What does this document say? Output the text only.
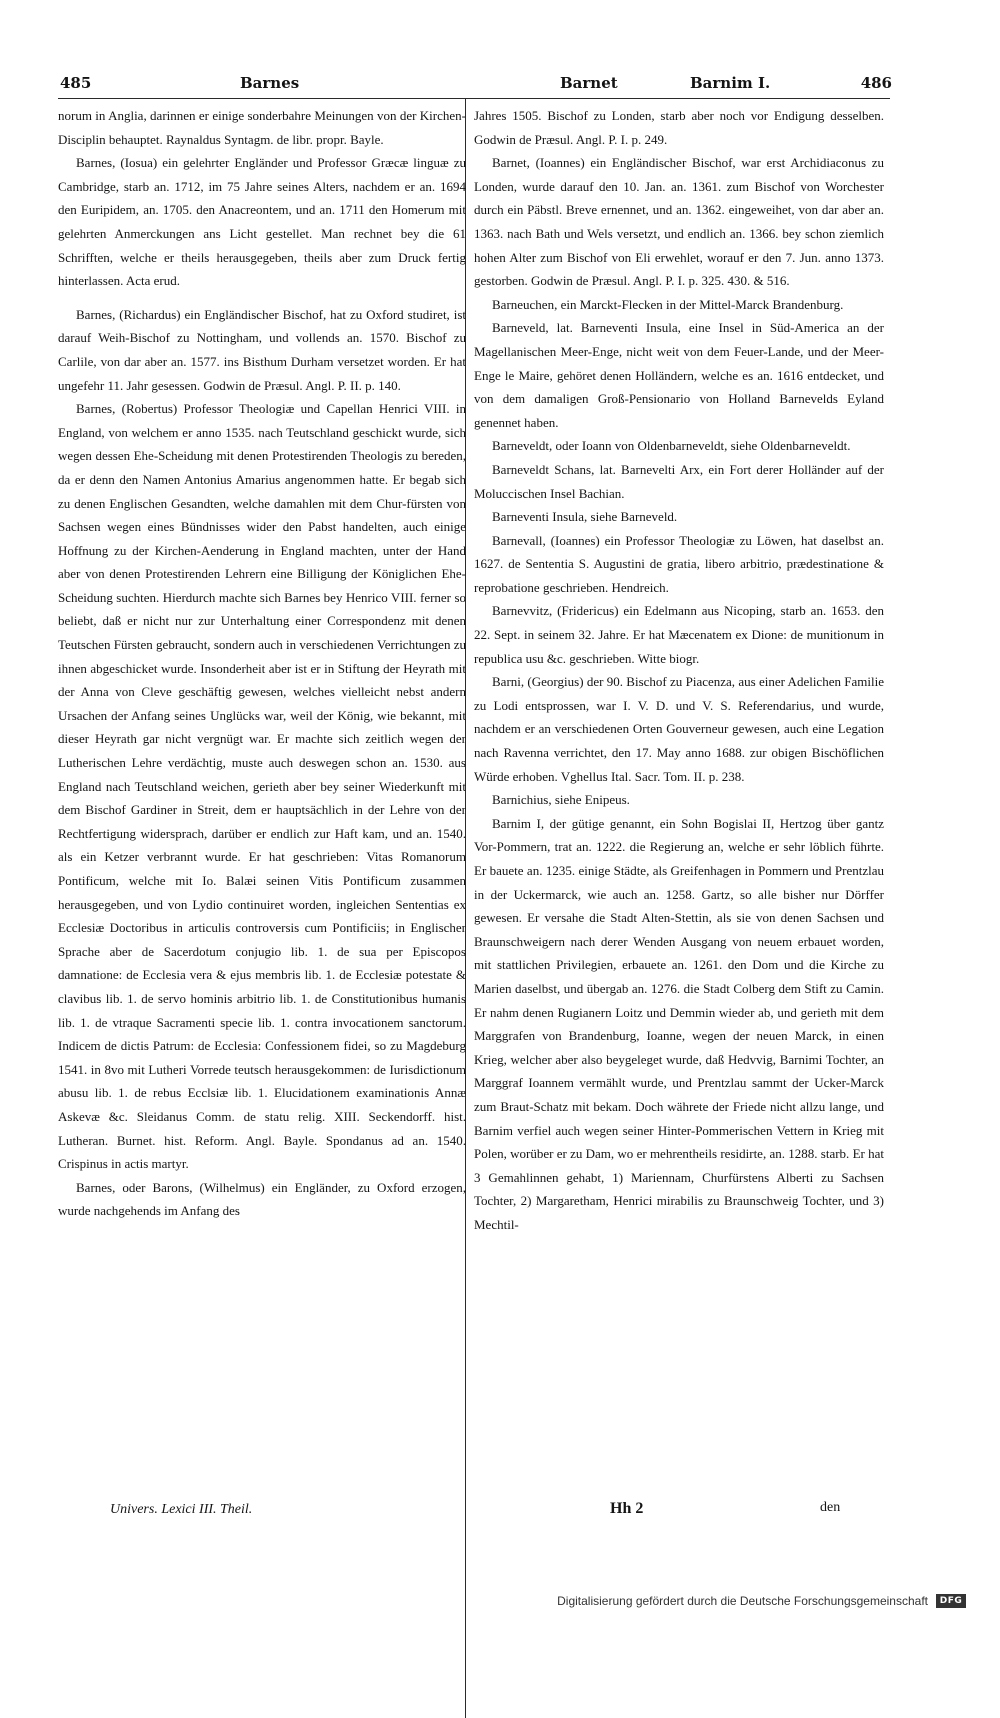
485	Barnes	Barnet	Barnim I.	486

norum in Anglia, darinnen er einige sonderbahre Meinungen von der Kirchen-Disciplin behauptet. Raynaldus Syntagm. de libr. propr. Bayle.

Barnes, (Iosua) ein gelehrter Engländer und Professor Græcæ linguæ zu Cambridge, starb an. 1712, im 75 Jahre seines Alters, nachdem er an. 1694 den Euripidem, an. 1705. den Anacreontem, und an. 1711 den Homerum mit gelehrten Anmerckungen ans Licht gestellet. Man rechnet bey die 61 Schrifften, welche er theils herausgegeben, theils aber zum Druck fertig hinterlassen. Acta erud.

Barnes, (Richardus) ein Engländischer Bischof, hat zu Oxford studiret, ist darauf Weih-Bischof zu Nottingham, und vollends an. 1570. Bischof zu Carlile, von dar aber an. 1577. ins Bisthum Durham versetzet worden. Er hat ungefehr 11. Jahr gesessen. Godwin de Præsul. Angl. P. II. p. 140.

Barnes, (Robertus) Professor Theologiæ und Capellan Henrici VIII. in England, von welchem er anno 1535. nach Teutschland geschickt wurde, sich wegen dessen Ehe-Scheidung mit denen Protestirenden Theologis zu bereden, da er denn den Namen Antonius Amarius angenommen hatte. Er begab sich zu denen Englischen Gesandten, welche damahlen mit dem Chur-fürsten von Sachsen wegen eines Bündnisses wider den Pabst handelten, auch einige Hoffnung zu der Kirchen-Aenderung in England machten, unter der Hand aber von denen Protestirenden Lehrern eine Billigung der Königlichen Ehe-Scheidung suchten. Hierdurch machte sich Barnes bey Henrico VIII. ferner so beliebt, daß er nicht nur zur Unterhaltung einer Correspondenz mit denen Teutschen Fürsten gebraucht, sondern auch in verschiedenen Verrichtungen zu ihnen abgeschicket wurde. Insonderheit aber ist er in Stiftung der Heyrath mit der Anna von Cleve geschäftig gewesen, welches vielleicht nebst andern Ursachen der Anfang seines Unglücks war, weil der König, wie bekannt, mit dieser Heyrath gar nicht vergnügt war. Er machte sich zeitlich wegen der Lutherischen Lehre verdächtig, muste auch deswegen schon an. 1530. aus England nach Teutschland weichen, gerieth aber bey seiner Wiederkunft mit dem Bischof Gardiner in Streit, dem er hauptsächlich in der Lehre von der Rechtfertigung widersprach, darüber er endlich zur Haft kam, und an. 1540. als ein Ketzer verbrannt wurde. Er hat geschrieben: Vitas Romanorum Pontificum, welche mit Io. Balæi seinen Vitis Pontificum zusammen herausgegeben, und von Lydio continuiret worden, ingleichen Sententias ex Ecclesiæ Doctoribus in articulis controversis cum Pontificiis; in Englischer Sprache aber de Sacerdotum conjugio lib. 1. de sua per Episcopos damnatione: de Ecclesia vera & ejus membris lib. 1. de Ecclesiæ potestate & clavibus lib. 1. de servo hominis arbitrio lib. 1. de Constitutionibus humanis lib. 1. de vtraque Sacramenti specie lib. 1. contra invocationem sanctorum. Indicem de dictis Patrum: de Ecclesia: Confessionem fidei, so zu Magdeburg 1541. in 8vo mit Lutheri Vorrede teutsch herausgekommen: de Iurisdictionum abusu lib. 1. de rebus Ecclsiæ lib. 1. Elucidationem examinationis Annæ Askevæ &c. Sleidanus Comm. de statu relig. XIII. Seckendorff. hist. Lutheran. Burnet. hist. Reform. Angl. Bayle. Spondanus ad an. 1540. Crispinus in actis martyr.

Barnes, oder Barons, (Wilhelmus) ein Engländer, zu Oxford erzogen, wurde nachgehends im Anfang des

Jahres 1505. Bischof zu Londen, starb aber noch vor Endigung desselben. Godwin de Præsul. Angl. P. I. p. 249.

Barnet, (Ioannes) ein Engländischer Bischof, war erst Archidiaconus zu Londen, wurde darauf den 10. Jan. an. 1361. zum Bischof von Worchester durch ein Päbstl. Breve ernennet, und an. 1362. eingeweihet, von dar aber an. 1363. nach Bath und Wels versetzt, und endlich an. 1366. bey schon ziemlich hohen Alter zum Bischof von Eli erwehlet, worauf er den 7. Jun. anno 1373. gestorben. Godwin de Præsul. Angl. P. I. p. 325. 430. & 516.

Barneuchen, ein Marckt-Flecken in der Mittel-Marck Brandenburg.

Barneveld, lat. Barneventi Insula, eine Insel in Süd-America an der Magellanischen Meer-Enge, nicht weit von dem Feuer-Lande, und der Meer-Enge le Maire, gehöret denen Holländern, welche es an. 1616 entdecket, und von dem damaligen Groß-Pensionario von Holland Barnevelds Eyland genennet haben.

Barneveldt, oder Ioann von Oldenbarneveldt, siehe Oldenbarneveldt.

Barneveldt Schans, lat. Barnevelti Arx, ein Fort derer Holländer auf der Moluccischen Insel Bachian.

Barneventi Insula, siehe Barneveld.

Barnevall, (Ioannes) ein Professor Theologiæ zu Löwen, hat daselbst an. 1627. de Sententia S. Augustini de gratia, libero arbitrio, prædestinatione & reprobatione geschrieben. Hendreich.

Barnevvitz, (Fridericus) ein Edelmann aus Nicoping, starb an. 1653. den 22. Sept. in seinem 32. Jahre. Er hat Mæcenatem ex Dione: de munitionum in republica usu &c. geschrieben. Witte biogr.

Barni, (Georgius) der 90. Bischof zu Piacenza, aus einer Adelichen Familie zu Lodi entsprossen, war I. V. D. und V. S. Referendarius, und wurde, nachdem er an verschiedenen Orten Gouverneur gewesen, auch eine Legation nach Ravenna verrichtet, den 17. May anno 1688. zur obigen Bischöflichen Würde erhoben. Vghellus Ital. Sacr. Tom. II. p. 238.

Barnichius, siehe Enipeus.

Barnim I, der gütige genannt, ein Sohn Bogislai II, Hertzog über gantz Vor-Pommern, trat an. 1222. die Regierung an, welche er sehr löblich führte. Er bauete an. 1235. einige Städte, als Greifenhagen in Pommern und Prentzlau in der Uckermarck, wie auch an. 1258. Gartz, so alle bisher nur Dörffer gewesen. Er versahe die Stadt Alten-Stettin, als sie von denen Sachsen und Braunschweigern nach derer Wenden Ausgang von neuem erbauet worden, mit stattlichen Privilegien, erbauete an. 1261. den Dom und die Kirche zu Marien daselbst, und übergab an. 1276. die Stadt Colberg dem Stift zu Camin. Er nahm denen Rugianern Loitz und Demmin wieder ab, und gerieth mit dem Marggrafen von Brandenburg, Ioanne, wegen der neuen Marck, in einen Krieg, welcher aber also beygeleget wurde, daß Hedvvig, Barnimi Tochter, an Marggraf Ioannem vermählt wurde, und Prentzlau sammt der Ucker-Marck zum Braut-Schatz mit bekam. Doch währete der Friede nicht allzu lange, und Barnim verfiel auch wegen seiner Hinter-Pommerischen Vettern in Krieg mit Polen, worüber er zu Dam, wo er mehrentheils residirte, an. 1288. starb. Er hat 3 Gemahlinnen gehabt, 1) Mariennam, Churfürstens Alberti zu Sachsen Tochter, 2) Margaretham, Henrici mirabilis zu Braunschweig Tochter, und 3) Mechtil-

Univers. Lexici III. Theil.	Hh 2	den
Digitalisierung gefördert durch die Deutsche Forschungsgemeinschaft	DFG
